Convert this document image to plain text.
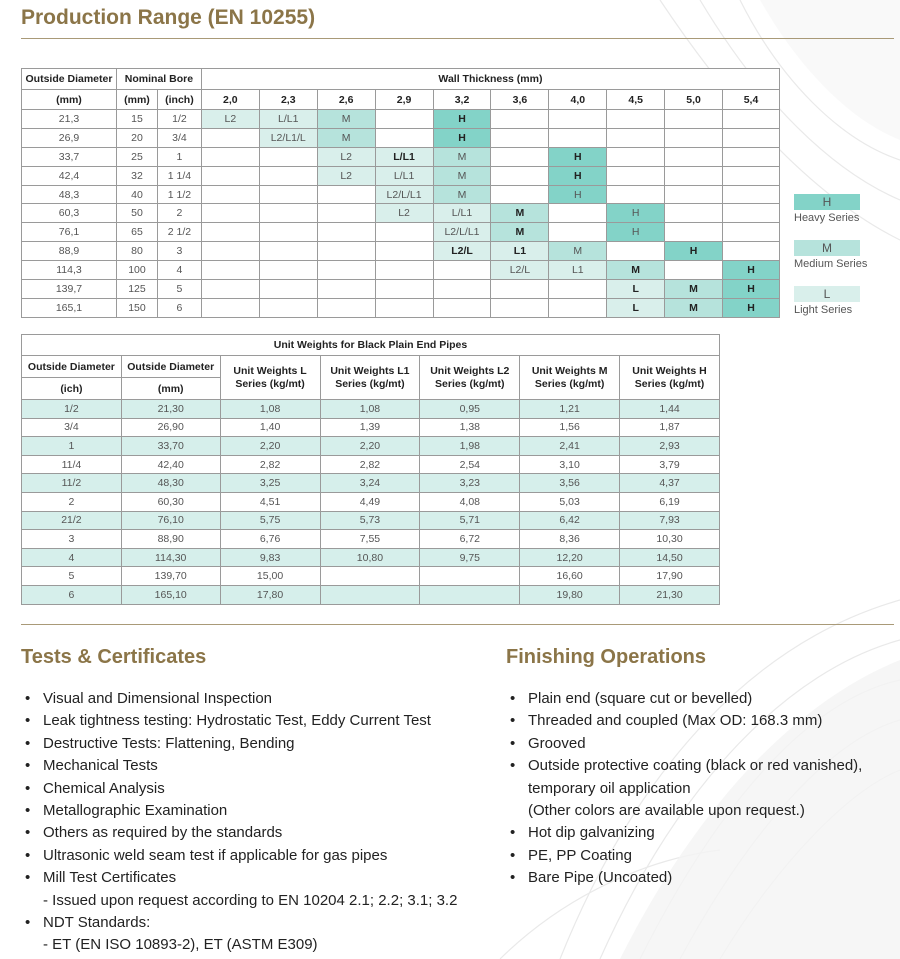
Production Range (EN 10255)
Outside Diameter	Nominal Bore		Wall Thickness (mm)									
(mm)	(mm)	(inch)	2,0	2,3	2,6	2,9	3,2	3,6	4,0	4,5	5,0	5,4
21,3	15	1/2	L2	L/L1	M		H					
26,9	20	3/4		L2/L1/L	M		H					
33,7	25	1			L2	L/L1	M		H			
42,4	32	1 1/4			L2	L/L1	M		H			
48,3	40	1 1/2				L2/L/L1	M		H			
60,3	50	2				L2	L/L1	M		H		
76,1	65	2 1/2					L2/L/L1	M		H		
88,9	80	3					L2/L	L1	M		H	
114,3	100	4						L2/L	L1	M		H
139,7	125	5								L	M	H
165,1	150	6								L	M	H
H
Heavy Series
M
Medium Series
L
Light Series
Unit Weights for Black Plain End Pipes						
Outside Diameter	Outside Diameter	Unit Weights L Series (kg/mt)	Unit Weights L1 Series (kg/mt)	Unit Weights L2 Series (kg/mt)	Unit Weights M Series (kg/mt)	Unit Weights H Series (kg/mt)
(ich)	(mm)					
1/2	21,30	1,08	1,08	0,95	1,21	1,44
3/4	26,90	1,40	1,39	1,38	1,56	1,87
1	33,70	2,20	2,20	1,98	2,41	2,93
11/4	42,40	2,82	2,82	2,54	3,10	3,79
11/2	48,30	3,25	3,24	3,23	3,56	4,37
2	60,30	4,51	4,49	4,08	5,03	6,19
21/2	76,10	5,75	5,73	5,71	6,42	7,93
3	88,90	6,76	7,55	6,72	8,36	10,30
4	114,30	9,83	10,80	9,75	12,20	14,50
5	139,70	15,00			16,60	17,90
6	165,10	17,80			19,80	21,30
Tests & Certificates
• Visual and Dimensional Inspection
• Leak tightness testing: Hydrostatic Test, Eddy Current Test
• Destructive Tests: Flattening, Bending
• Mechanical Tests
• Chemical Analysis
• Metallographic Examination
• Others as required by the standards
• Ultrasonic weld seam test if applicable for gas pipes
• Mill Test Certificates
- Issued upon request according to EN 10204 2.1; 2.2; 3.1; 3.2
• NDT Standards:
- ET (EN ISO 10893-2), ET (ASTM E309)
Finishing Operations
• Plain end (square cut or bevelled)
• Threaded and coupled (Max OD: 168.3 mm)
• Grooved
• Outside protective coating (black or red vanished),
temporary oil application
(Other colors are available upon request.)
• Hot dip galvanizing
• PE, PP Coating
• Bare Pipe (Uncoated)
